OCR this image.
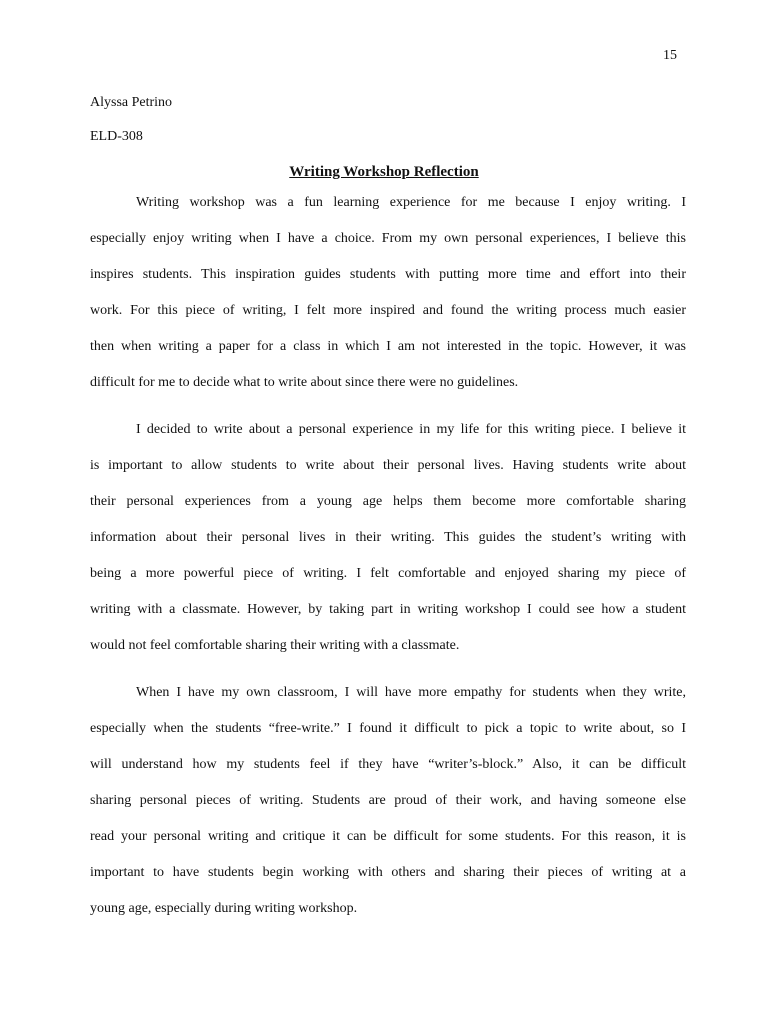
15
Alyssa Petrino
ELD-308
Writing Workshop Reflection
Writing workshop was a fun learning experience for me because I enjoy writing. I
especially enjoy writing when I have a choice. From my own personal experiences, I believe this
inspires students. This inspiration guides students with putting more time and effort into their
work. For this piece of writing, I felt more inspired and found the writing process much easier
then when writing a paper for a class in which I am not interested in the topic. However, it was
difficult for me to decide what to write about since there were no guidelines.
I decided to write about a personal experience in my life for this writing piece. I believe it
is important to allow students to write about their personal lives. Having students write about
their personal experiences from a young age helps them become more comfortable sharing
information about their personal lives in their writing. This guides the student’s writing with
being a more powerful piece of writing. I felt comfortable and enjoyed sharing my piece of
writing with a classmate. However, by taking part in writing workshop I could see how a student
would not feel comfortable sharing their writing with a classmate.
When I have my own classroom, I will have more empathy for students when they write,
especially when the students “free-write.” I found it difficult to pick a topic to write about, so I
will understand how my students feel if they have “writer’s-block.” Also, it can be difficult
sharing personal pieces of writing. Students are proud of their work, and having someone else
read your personal writing and critique it can be difficult for some students. For this reason, it is
important to have students begin working with others and sharing their pieces of writing at a
young age, especially during writing workshop.
